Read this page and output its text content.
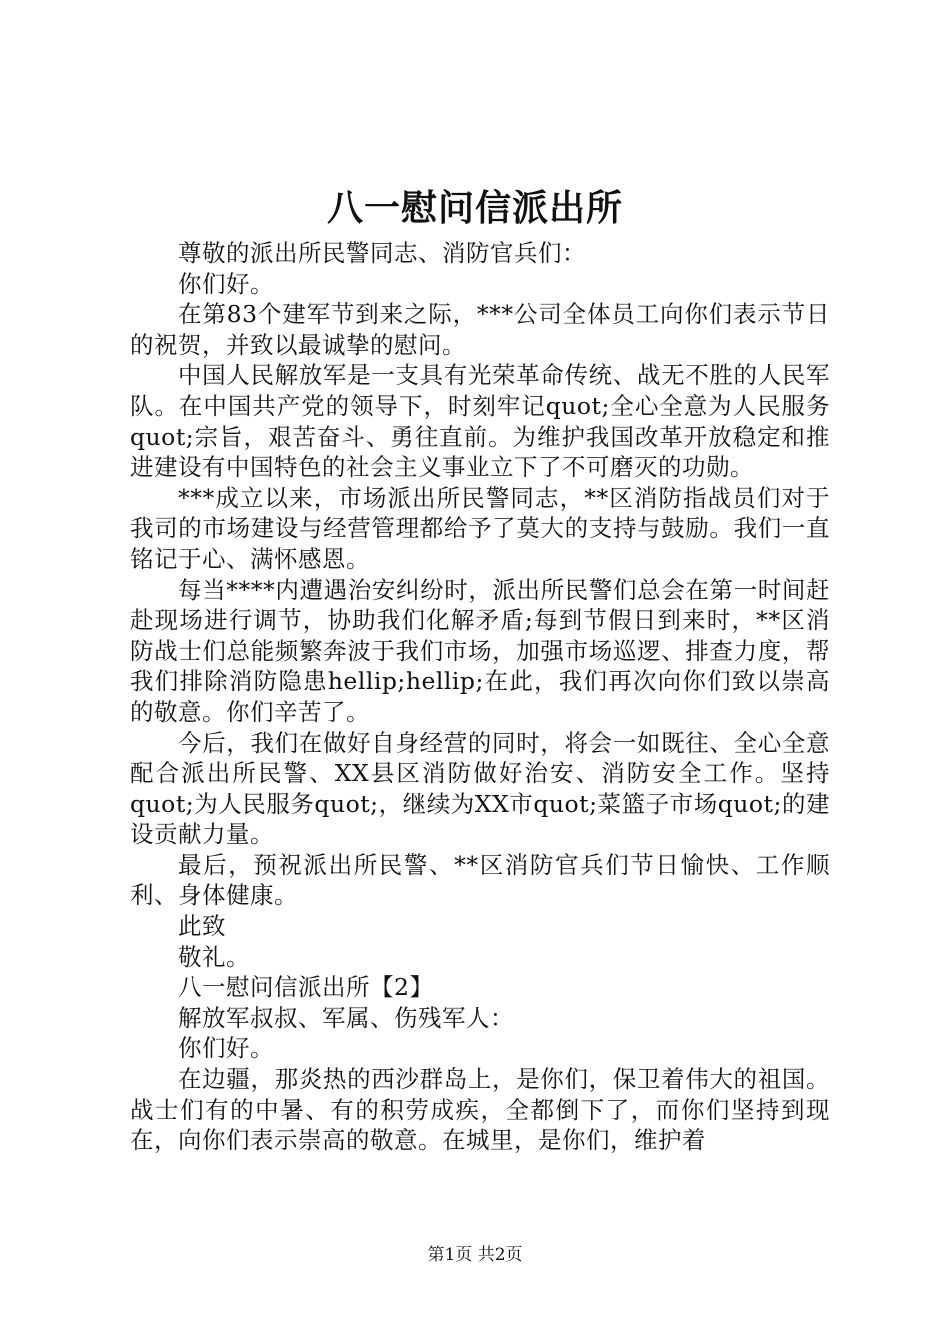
八一慰问信派出所

尊敬的派出所民警同志、消防官兵们：

你们好。

在第83个建军节到来之际，***公司全体员工向你们表示节日的祝贺，并致以最诚挚的慰问。

中国人民解放军是一支具有光荣革命传统、战无不胜的人民军队。在中国共产党的领导下，时刻牢记quot;全心全意为人民服务quot;宗旨，艰苦奋斗、勇往直前。为维护我国改革开放稳定和推进建设有中国特色的社会主义事业立下了不可磨灭的功勋。

***成立以来，市场派出所民警同志，**区消防指战员们对于我司的市场建设与经营管理都给予了莫大的支持与鼓励。我们一直铭记于心、满怀感恩。

每当****内遭遇治安纠纷时，派出所民警们总会在第一时间赶赴现场进行调节，协助我们化解矛盾;每到节假日到来时，**区消防战士们总能频繁奔波于我们市场，加强市场巡逻、排查力度，帮我们排除消防隐患hellip;hellip;在此，我们再次向你们致以崇高的敬意。你们辛苦了。

今后，我们在做好自身经营的同时，将会一如既往、全心全意配合派出所民警、XX县区消防做好治安、消防安全工作。坚持quot;为人民服务quot;，继续为XX市quot;菜篮子市场quot;的建设贡献力量。

最后，预祝派出所民警、**区消防官兵们节日愉快、工作顺利、身体健康。

此致

敬礼。

八一慰问信派出所【2】

解放军叔叔、军属、伤残军人：

你们好。

在边疆，那炎热的西沙群岛上，是你们，保卫着伟大的祖国。战士们有的中暑、有的积劳成疾，全都倒下了，而你们坚持到现在，向你们表示崇高的敬意。在城里，是你们，维护着

第1页 共2页
